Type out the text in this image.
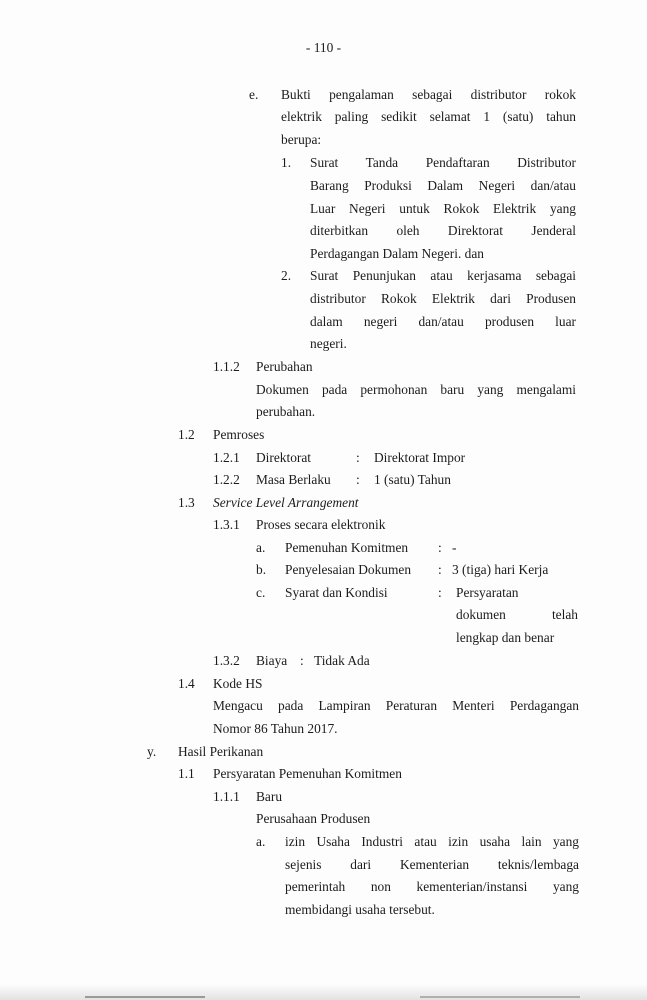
- 110 -
e. Bukti pengalaman sebagai distributor rokok
elektrik paling sedikit selamat 1 (satu) tahun
berupa:
1. Surat Tanda Pendaftaran Distributor
Barang Produksi Dalam Negeri dan/atau
Luar Negeri untuk Rokok Elektrik yang
diterbitkan oleh Direktorat Jenderal
Perdagangan Dalam Negeri. dan
2. Surat Penunjukan atau kerjasama sebagai
distributor Rokok Elektrik dari Produsen
dalam negeri dan/atau produsen luar
negeri.
1.1.2 Perubahan
Dokumen pada permohonan baru yang mengalami
perubahan.
1.2 Pemroses
1.2.1 Direktorat	: Direktorat Impor
1.2.2 Masa Berlaku : 1 (satu) Tahun
1.3 Service Level Arrangement
1.3.1 Proses secara elektronik
a. Pemenuhan Komitmen : -
b. Penyelesaian Dokumen : 3 (tiga) hari Kerja
c. Syarat dan Kondisi	: Persyaratan
dokumen telah
lengkap dan benar
1.3.2 Biaya : Tidak Ada
1.4 Kode HS
Mengacu pada Lampiran Peraturan Menteri Perdagangan
Nomor 86 Tahun 2017.
y. Hasil Perikanan
1.1 Persyaratan Pemenuhan Komitmen
1.1.1 Baru
Perusahaan Produsen
a. izin Usaha Industri atau izin usaha lain yang
sejenis dari Kementerian teknis/lembaga
pemerintah non kementerian/instansi yang
membidangi usaha tersebut.
